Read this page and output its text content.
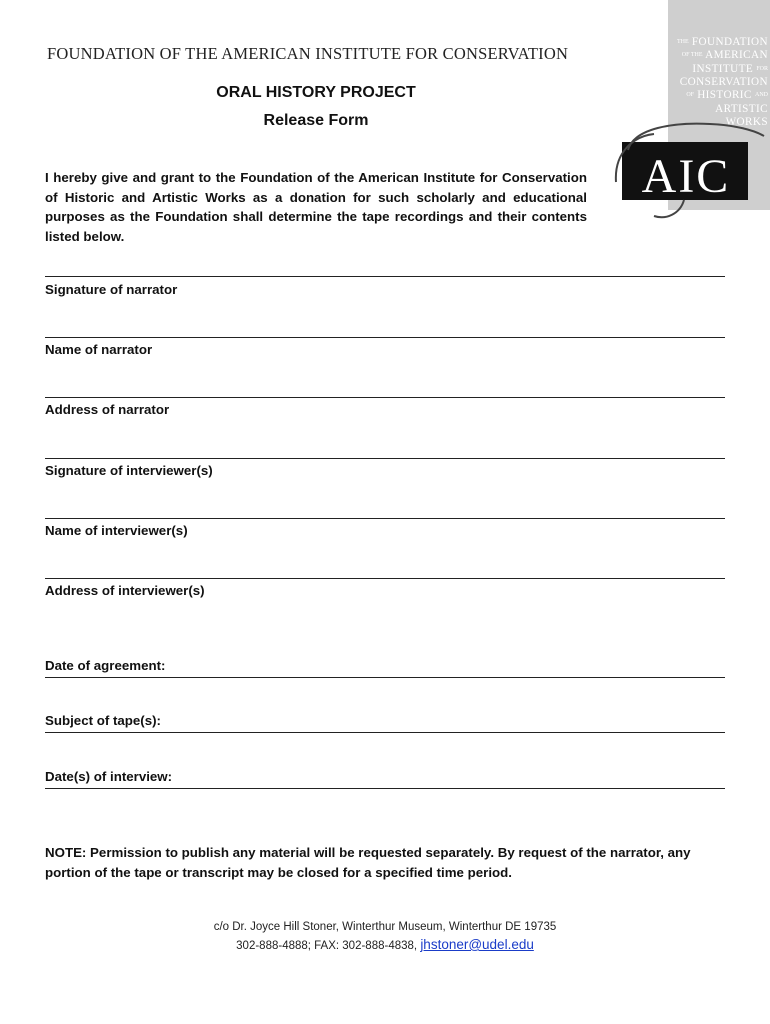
FOUNDATION OF THE AMERICAN INSTITUTE FOR CONSERVATION
ORAL HISTORY PROJECT
Release Form
I hereby give and grant to the Foundation of the American Institute for Conservation of Historic and Artistic Works as a donation for such scholarly and educational purposes as the Foundation shall determine the tape recordings and their contents listed below.
THE FOUNDATION
OF THE AMERICAN
INSTITUTE FOR
CONSERVATION
OF HISTORIC AND
ARTISTIC WORKS
AIC
Signature of narrator
Name of narrator
Address of narrator
Signature of interviewer(s)
Name of interviewer(s)
Address of interviewer(s)
Date of agreement:
Subject of tape(s):
Date(s) of interview:
NOTE: Permission to publish any material will be requested separately. By request of the narrator, any portion of the tape or transcript may be closed for a specified time period.
c/o Dr. Joyce Hill Stoner, Winterthur Museum, Winterthur DE 19735
302-888-4888; FAX: 302-888-4838, jhstoner@udel.edu
